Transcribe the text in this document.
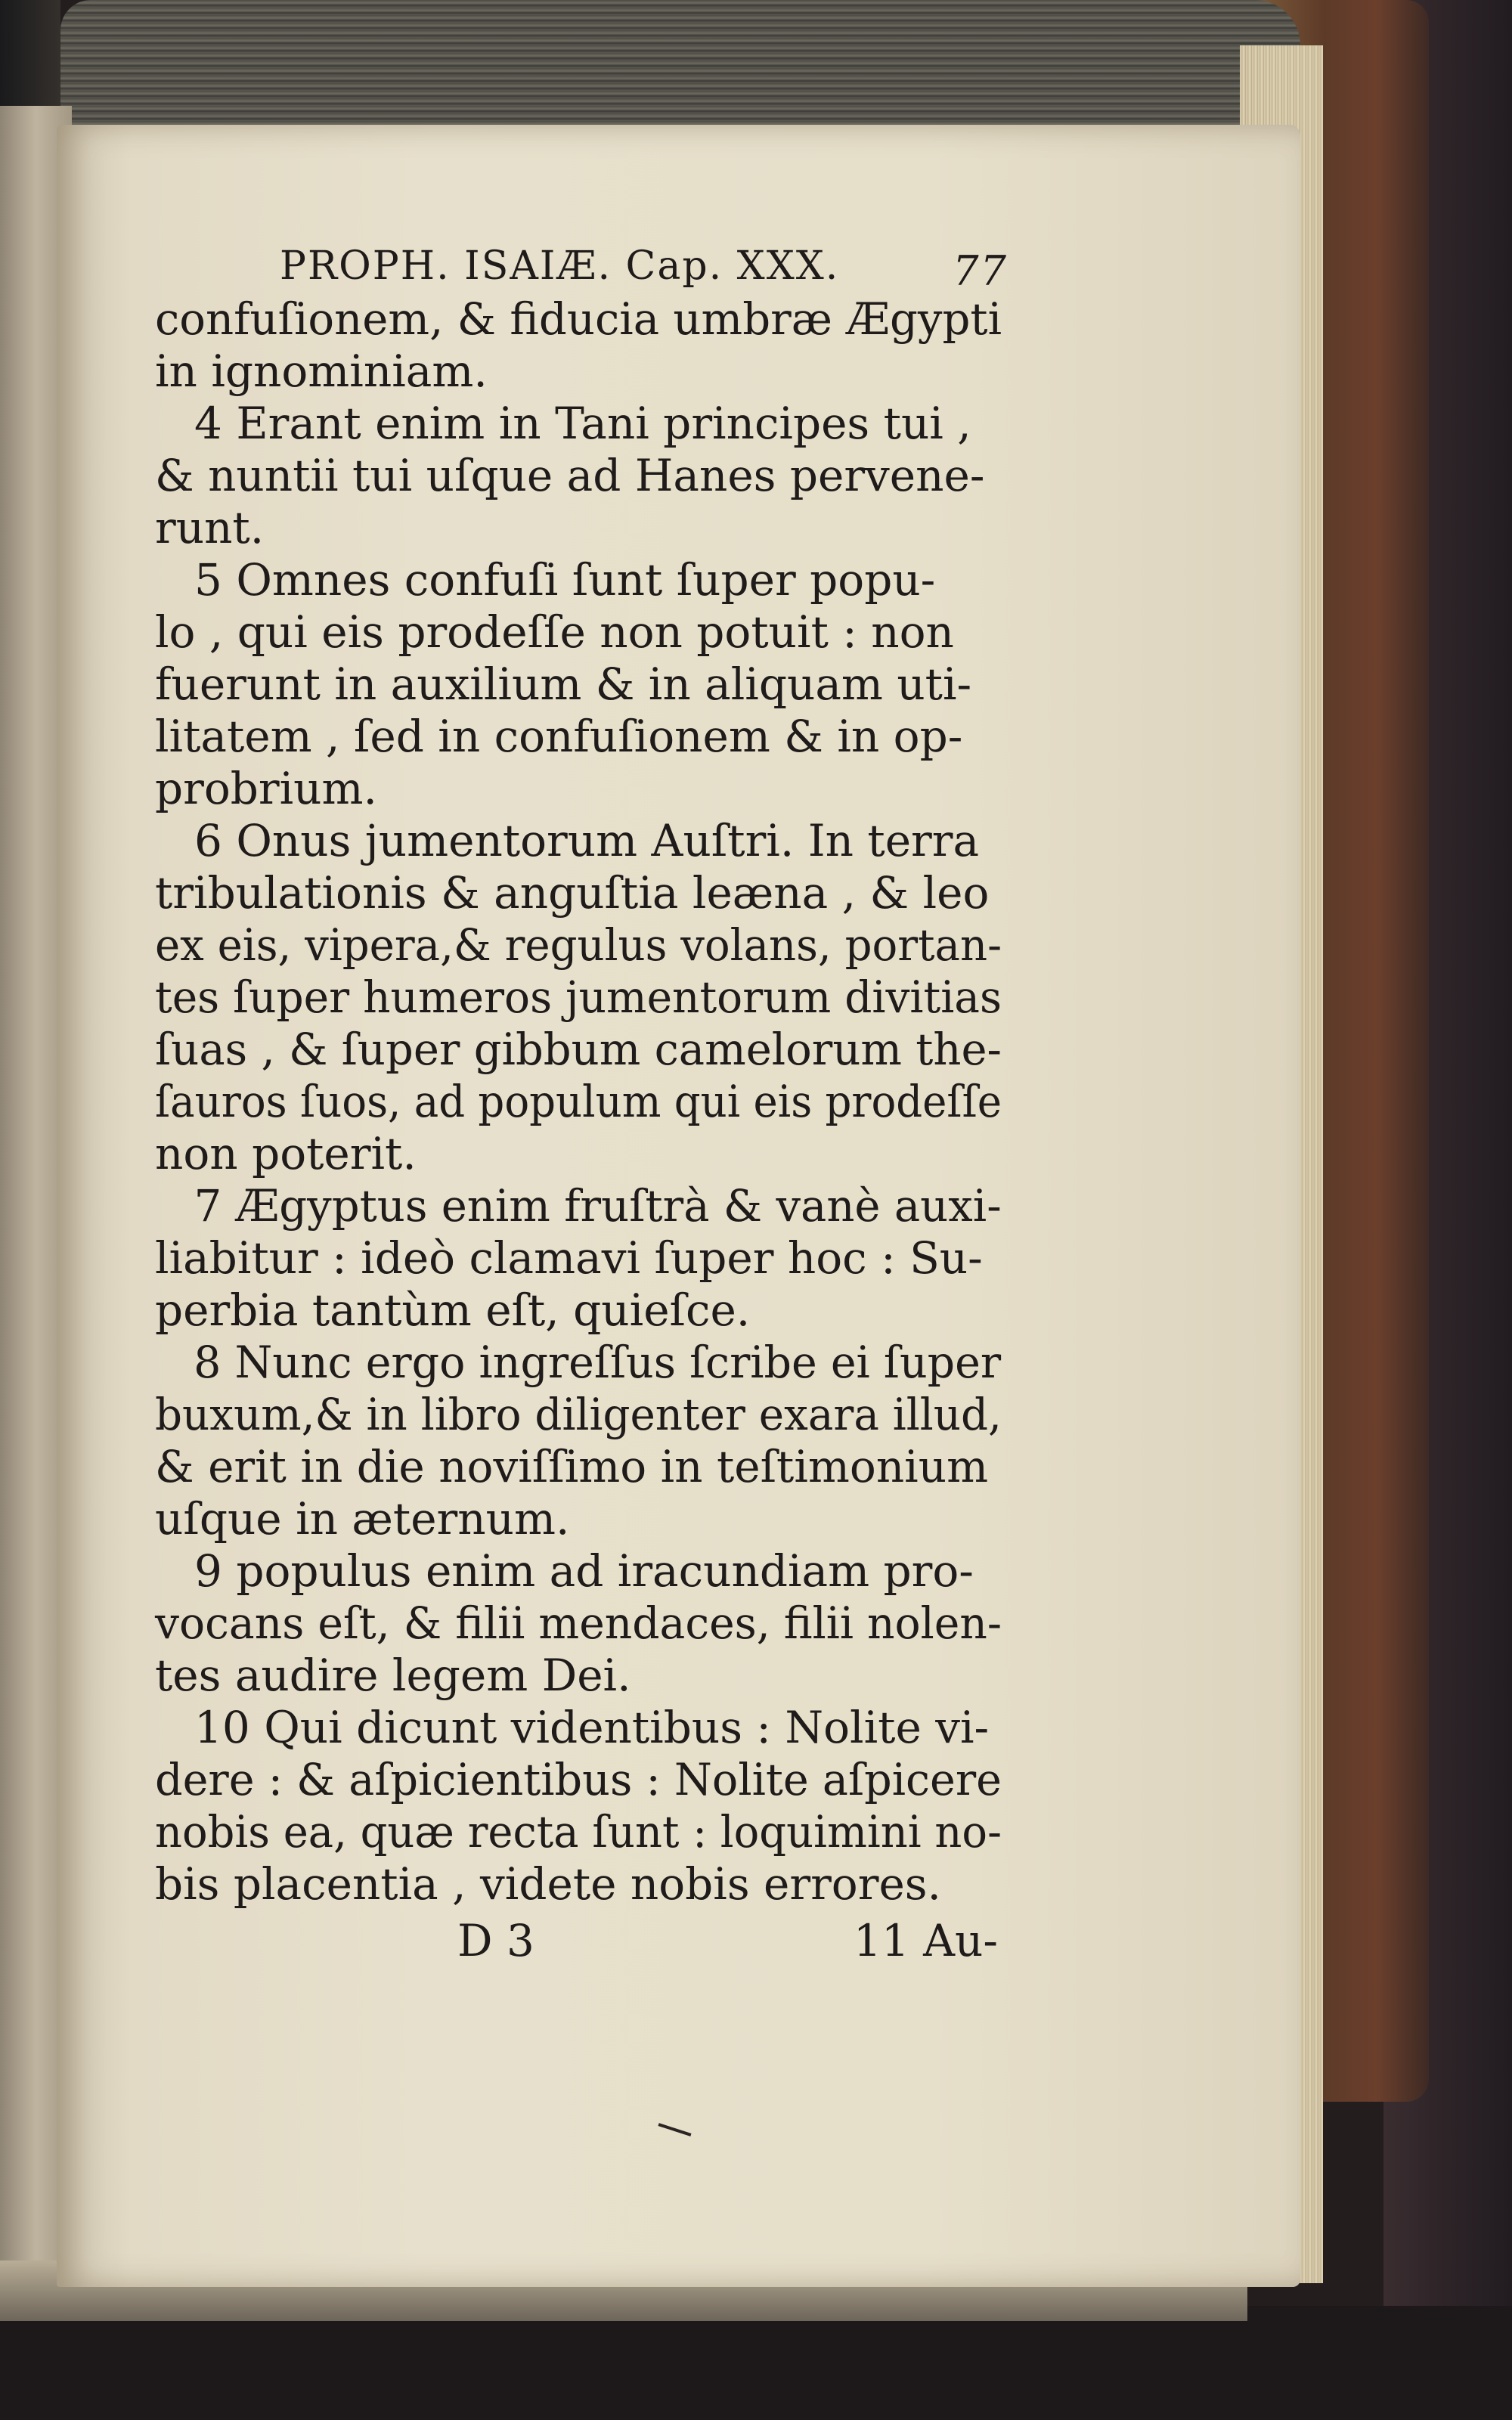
PROPH. ISAIÆ. Cap. XXX.	77
confuſionem, & fiducia umbræ Ægypti
in ignominiam.
4 Erant enim in Tani principes tui ,
& nuntii tui uſque ad Hanes pervene-
runt.
5 Omnes confuſi ſunt ſuper popu-
lo , qui eis prodeſſe non potuit : non
fuerunt in auxilium & in aliquam uti-
litatem , ſed in confuſionem & in op-
probrium.
6 Onus jumentorum Auſtri. In terra
tribulationis & anguſtia leæna , & leo
ex eis, vipera,& regulus volans, portan-
tes ſuper humeros jumentorum divitias
ſuas , & ſuper gibbum camelorum the-
ſauros ſuos, ad populum qui eis prodeſſe
non poterit.
7 Ægyptus enim fruſtrà & vanè auxi-
liabitur : ideò clamavi ſuper hoc : Su-
perbia tantùm eſt, quieſce.
8 Nunc ergo ingreſſus ſcribe ei ſuper
buxum,& in libro diligenter exara illud,
& erit in die noviſſimo in teſtimonium
uſque in æternum.
9 populus enim ad iracundiam pro-
vocans eſt, & filii mendaces, filii nolen-
tes audire legem Dei.
10 Qui dicunt videntibus : Nolite vi-
dere : & aſpicientibus : Nolite aſpicere
nobis ea, quæ recta ſunt : loquimini no-
bis placentia , videte nobis errores.
D 3	11 Au-
